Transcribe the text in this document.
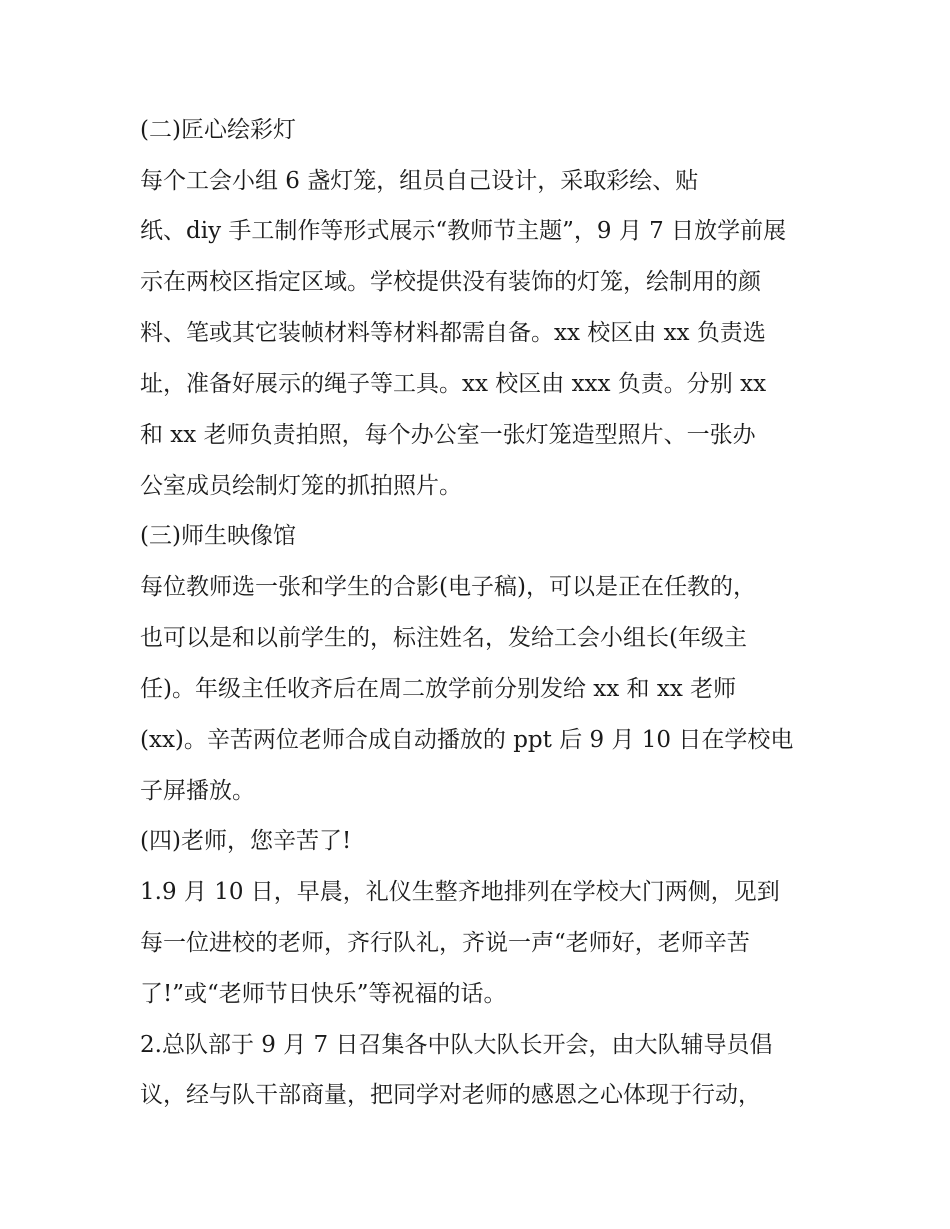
(二)匠心绘彩灯
每个工会小组 6 盏灯笼，组员自己设计，采取彩绘、贴
纸、diy 手工制作等形式展示“教师节主题”，9 月 7 日放学前展
示在两校区指定区域。学校提供没有装饰的灯笼，绘制用的颜
料、笔或其它装帧材料等材料都需自备。xx 校区由 xx 负责选
址，准备好展示的绳子等工具。xx 校区由 xxx 负责。分别 xx
和 xx 老师负责拍照，每个办公室一张灯笼造型照片、一张办
公室成员绘制灯笼的抓拍照片。
(三)师生映像馆
每位教师选一张和学生的合影(电子稿)，可以是正在任教的，
也可以是和以前学生的，标注姓名，发给工会小组长(年级主
任)。年级主任收齐后在周二放学前分别发给 xx 和 xx 老师
(xx)。辛苦两位老师合成自动播放的 ppt 后 9 月 10 日在学校电
子屏播放。
(四)老师，您辛苦了!
1.9 月 10 日，早晨，礼仪生整齐地排列在学校大门两侧，见到
每一位进校的老师，齐行队礼，齐说一声“老师好，老师辛苦
了!”或“老师节日快乐”等祝福的话。
2.总队部于 9 月 7 日召集各中队大队长开会，由大队辅导员倡
议，经与队干部商量，把同学对老师的感恩之心体现于行动，
